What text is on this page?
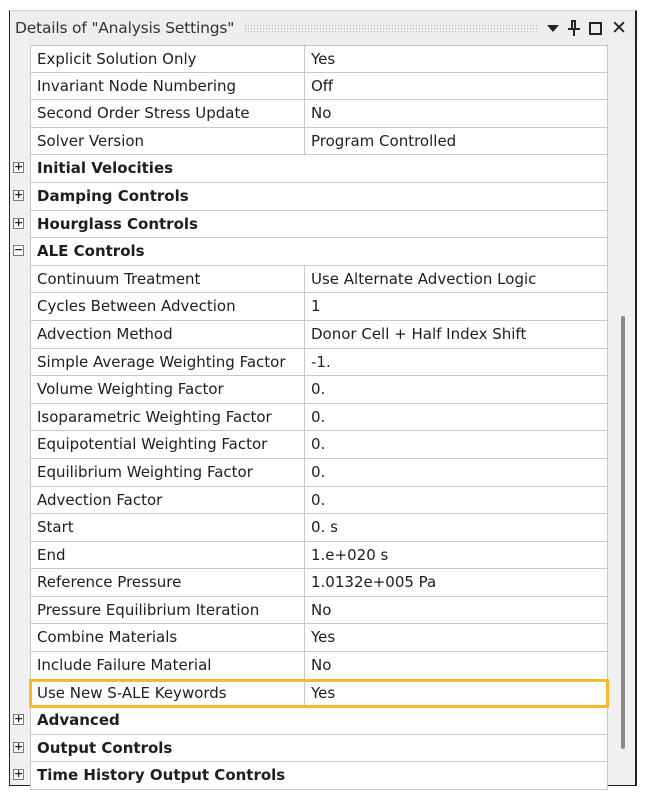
Details of "Analysis Settings"	✕
Explicit Solution Only	Yes
Invariant Node Numbering	Off
Second Order Stress Update	No
Solver Version	Program Controlled
+ Initial Velocities
+ Damping Controls
+ Hourglass Controls
− ALE Controls
Continuum Treatment	Use Alternate Advection Logic
Cycles Between Advection	1
Advection Method	Donor Cell + Half Index Shift
Simple Average Weighting Factor	-1.
Volume Weighting Factor	0.
Isoparametric Weighting Factor	0.
Equipotential Weighting Factor	0.
Equilibrium Weighting Factor	0.
Advection Factor	0.
Start	0. s
End	1.e+020 s
Reference Pressure	1.0132e+005 Pa
Pressure Equilibrium Iteration	No
Combine Materials	Yes
Include Failure Material	No
Use New S-ALE Keywords	Yes
+ Advanced
+ Output Controls
+ Time History Output Controls
